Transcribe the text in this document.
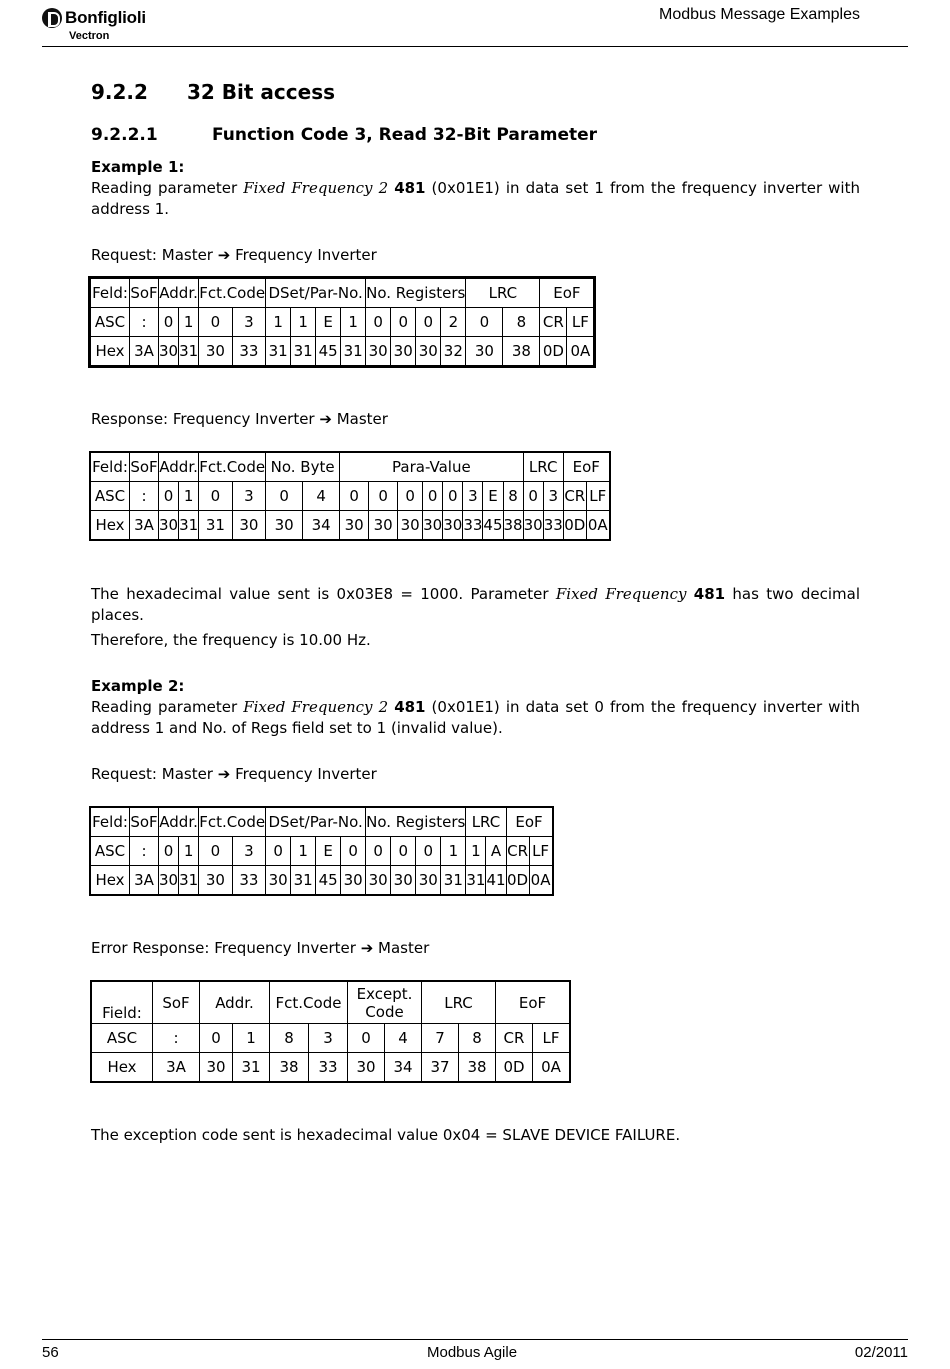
Bonfiglioli
Vectron
Modbus Message Examples
9.2.2 32 Bit access
9.2.2.1	Function Code 3, Read 32-Bit Parameter
Example 1:
Reading parameter Fixed Frequency 2 481 (0x01E1) in data set 1 from the frequency inverter with address 1.
Request: Master ➔ Frequency Inverter
Feld:	SoF	Addr.		Fct.Code		DSet/Par-No.				No. Registers				LRC		EoF	
ASC	:	0	1	0	3	1	1	E	1	0	0	0	2	0	8	CR	LF
Hex	3A	30	31	30	33	31	31	45	31	30	30	30	32	30	38	0D	0A
Response: Frequency Inverter ➔ Master
Feld:	SoF	Addr.		Fct.Code		No. Byte		Para-Value								LRC		EoF	
ASC	:	0	1	0	3	0	4	0	0	0	0	0	3	E	8	0	3	CR	LF
Hex	3A	30	31	31	30	30	34	30	30	30	30	30	33	45	38	30	33	0D	0A
The hexadecimal value sent is 0x03E8 = 1000. Parameter Fixed Frequency 481 has two decimal places.
Therefore, the frequency is 10.00 Hz.
Example 2:
Reading parameter Fixed Frequency 2 481 (0x01E1) in data set 0 from the frequency inverter with address 1 and No. of Regs field set to 1 (invalid value).
Request: Master ➔ Frequency Inverter
Feld:	SoF	Addr.		Fct.Code		DSet/Par-No.				No. Registers				LRC		EoF	
ASC	:	0	1	0	3	0	1	E	0	0	0	0	1	1	A	CR	LF
Hex	3A	30	31	30	33	30	31	45	30	30	30	30	31	31	41	0D	0A
Error Response: Frequency Inverter ➔ Master
Field:	SoF	Addr.		Fct.Code		Except. Code		LRC		EoF	
ASC	:	0	1	8	3	0	4	7	8	CR	LF
Hex	3A	30	31	38	33	30	34	37	38	0D	0A
The exception code sent is hexadecimal value 0x04 = SLAVE DEVICE FAILURE.
56	Modbus Agile	02/2011
